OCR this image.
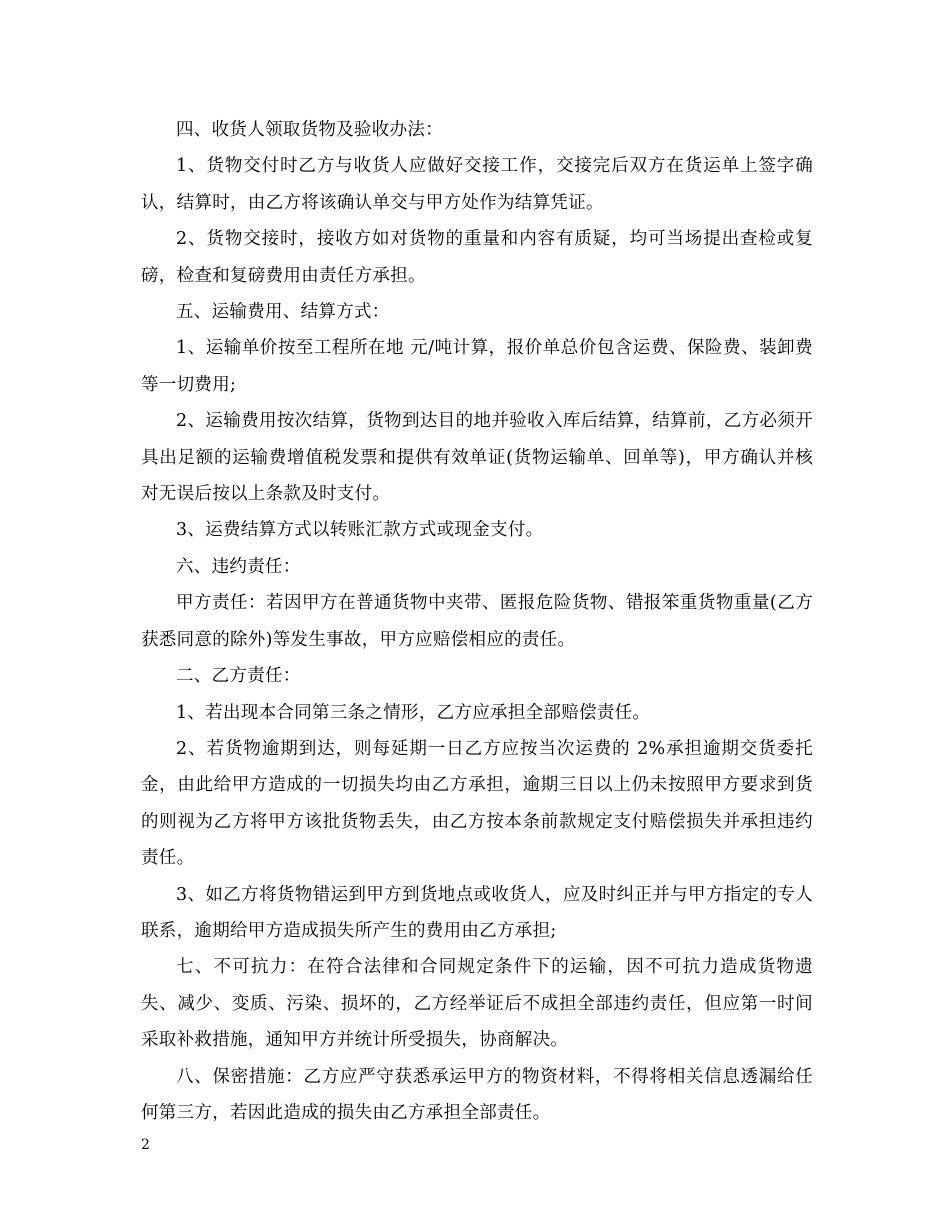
四、收货人领取货物及验收办法：

1、货物交付时乙方与收货人应做好交接工作，交接完后双方在货运单上签字确认，结算时，由乙方将该确认单交与甲方处作为结算凭证。

2、货物交接时，接收方如对货物的重量和内容有质疑，均可当场提出查检或复磅，检查和复磅费用由责任方承担。

五、运输费用、结算方式：

1、运输单价按至工程所在地 元/吨计算，报价单总价包含运费、保险费、装卸费等一切费用;

2、运输费用按次结算，货物到达目的地并验收入库后结算，结算前，乙方必须开具出足额的运输费增值税发票和提供有效单证(货物运输单、回单等)，甲方确认并核对无误后按以上条款及时支付。

3、运费结算方式以转账汇款方式或现金支付。

六、违约责任：

甲方责任：若因甲方在普通货物中夹带、匿报危险货物、错报笨重货物重量(乙方获悉同意的除外)等发生事故，甲方应赔偿相应的责任。

二、乙方责任：

1、若出现本合同第三条之情形，乙方应承担全部赔偿责任。

2、若货物逾期到达，则每延期一日乙方应按当次运费的 2%承担逾期交货委托金，由此给甲方造成的一切损失均由乙方承担，逾期三日以上仍未按照甲方要求到货的则视为乙方将甲方该批货物丢失，由乙方按本条前款规定支付赔偿损失并承担违约责任。

3、如乙方将货物错运到甲方到货地点或收货人，应及时纠正并与甲方指定的专人联系，逾期给甲方造成损失所产生的费用由乙方承担;

七、不可抗力：在符合法律和合同规定条件下的运输，因不可抗力造成货物遗失、减少、变质、污染、损坏的，乙方经举证后不成担全部违约责任，但应第一时间采取补救措施，通知甲方并统计所受损失，协商解决。

八、保密措施：乙方应严守获悉承运甲方的物资材料，不得将相关信息透漏给任何第三方，若因此造成的损失由乙方承担全部责任。

2
